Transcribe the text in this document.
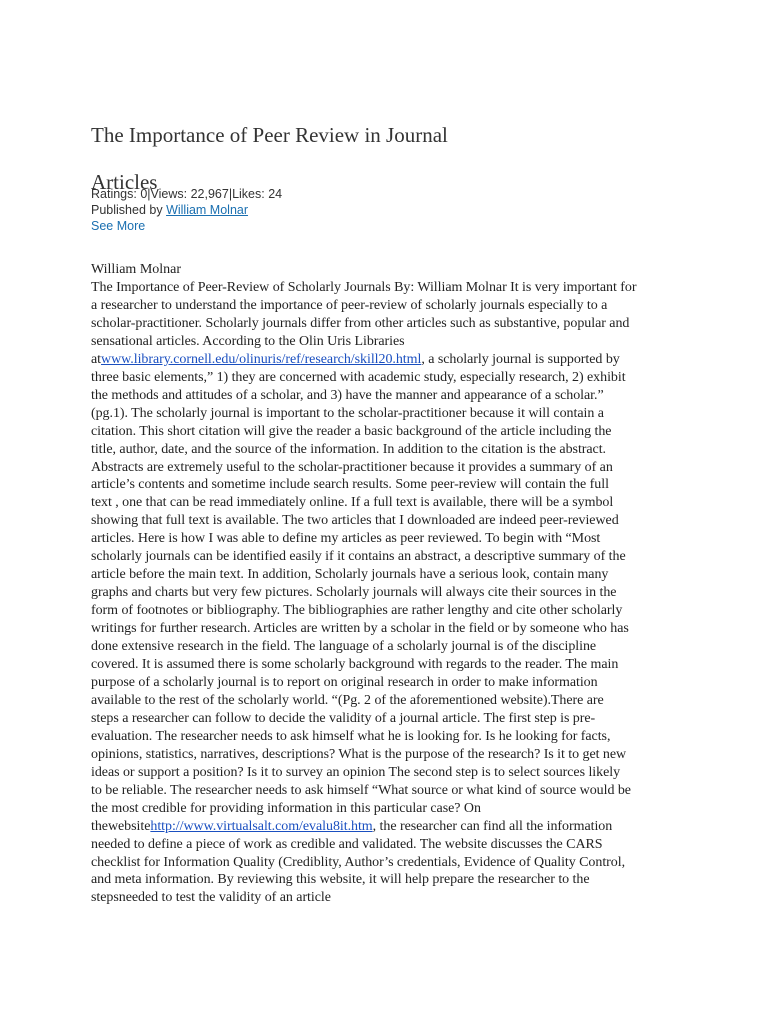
The Importance of Peer Review in Journal
Articles
Ratings: 0|Views: 22,967|Likes: 24
Published by William Molnar
See More
William Molnar
The Importance of Peer-Review of Scholarly Journals By: William Molnar It is very important for
a researcher to understand the importance of peer-review of scholarly journals especially to a
scholar-practitioner. Scholarly journals differ from other articles such as substantive, popular and
sensational articles. According to the Olin Uris Libraries
atwww.library.cornell.edu/olinuris/ref/research/skill20.html, a scholarly journal is supported by
three basic elements,” 1) they are concerned with academic study, especially research, 2) exhibit
the methods and attitudes of a scholar, and 3) have the manner and appearance of a scholar.”
(pg.1). The scholarly journal is important to the scholar-practitioner because it will contain a
citation. This short citation will give the reader a basic background of the article including the
title, author, date, and the source of the information. In addition to the citation is the abstract.
Abstracts are extremely useful to the scholar-practitioner because it provides a summary of an
article’s contents and sometime include search results. Some peer-review will contain the full
text , one that can be read immediately online. If a full text is available, there will be a symbol
showing that full text is available. The two articles that I downloaded are indeed peer-reviewed
articles. Here is how I was able to define my articles as peer reviewed. To begin with “Most
scholarly journals can be identified easily if it contains an abstract, a descriptive summary of the
article before the main text. In addition, Scholarly journals have a serious look, contain many
graphs and charts but very few pictures. Scholarly journals will always cite their sources in the
form of footnotes or bibliography. The bibliographies are rather lengthy and cite other scholarly
writings for further research. Articles are written by a scholar in the field or by someone who has
done extensive research in the field. The language of a scholarly journal is of the discipline
covered. It is assumed there is some scholarly background with regards to the reader. The main
purpose of a scholarly journal is to report on original research in order to make information
available to the rest of the scholarly world. “(Pg. 2 of the aforementioned website).There are
steps a researcher can follow to decide the validity of a journal article. The first step is pre-
evaluation. The researcher needs to ask himself what he is looking for. Is he looking for facts,
opinions, statistics, narratives, descriptions? What is the purpose of the research? Is it to get new
ideas or support a position? Is it to survey an opinion The second step is to select sources likely
to be reliable. The researcher needs to ask himself “What source or what kind of source would be
the most credible for providing information in this particular case? On
thewebsitehttp://www.virtualsalt.com/evalu8it.htm, the researcher can find all the information
needed to define a piece of work as credible and validated. The website discusses the CARS
checklist for Information Quality (Crediblity, Author’s credentials, Evidence of Quality Control,
and meta information. By reviewing this website, it will help prepare the researcher to the
stepsneeded to test the validity of an article
